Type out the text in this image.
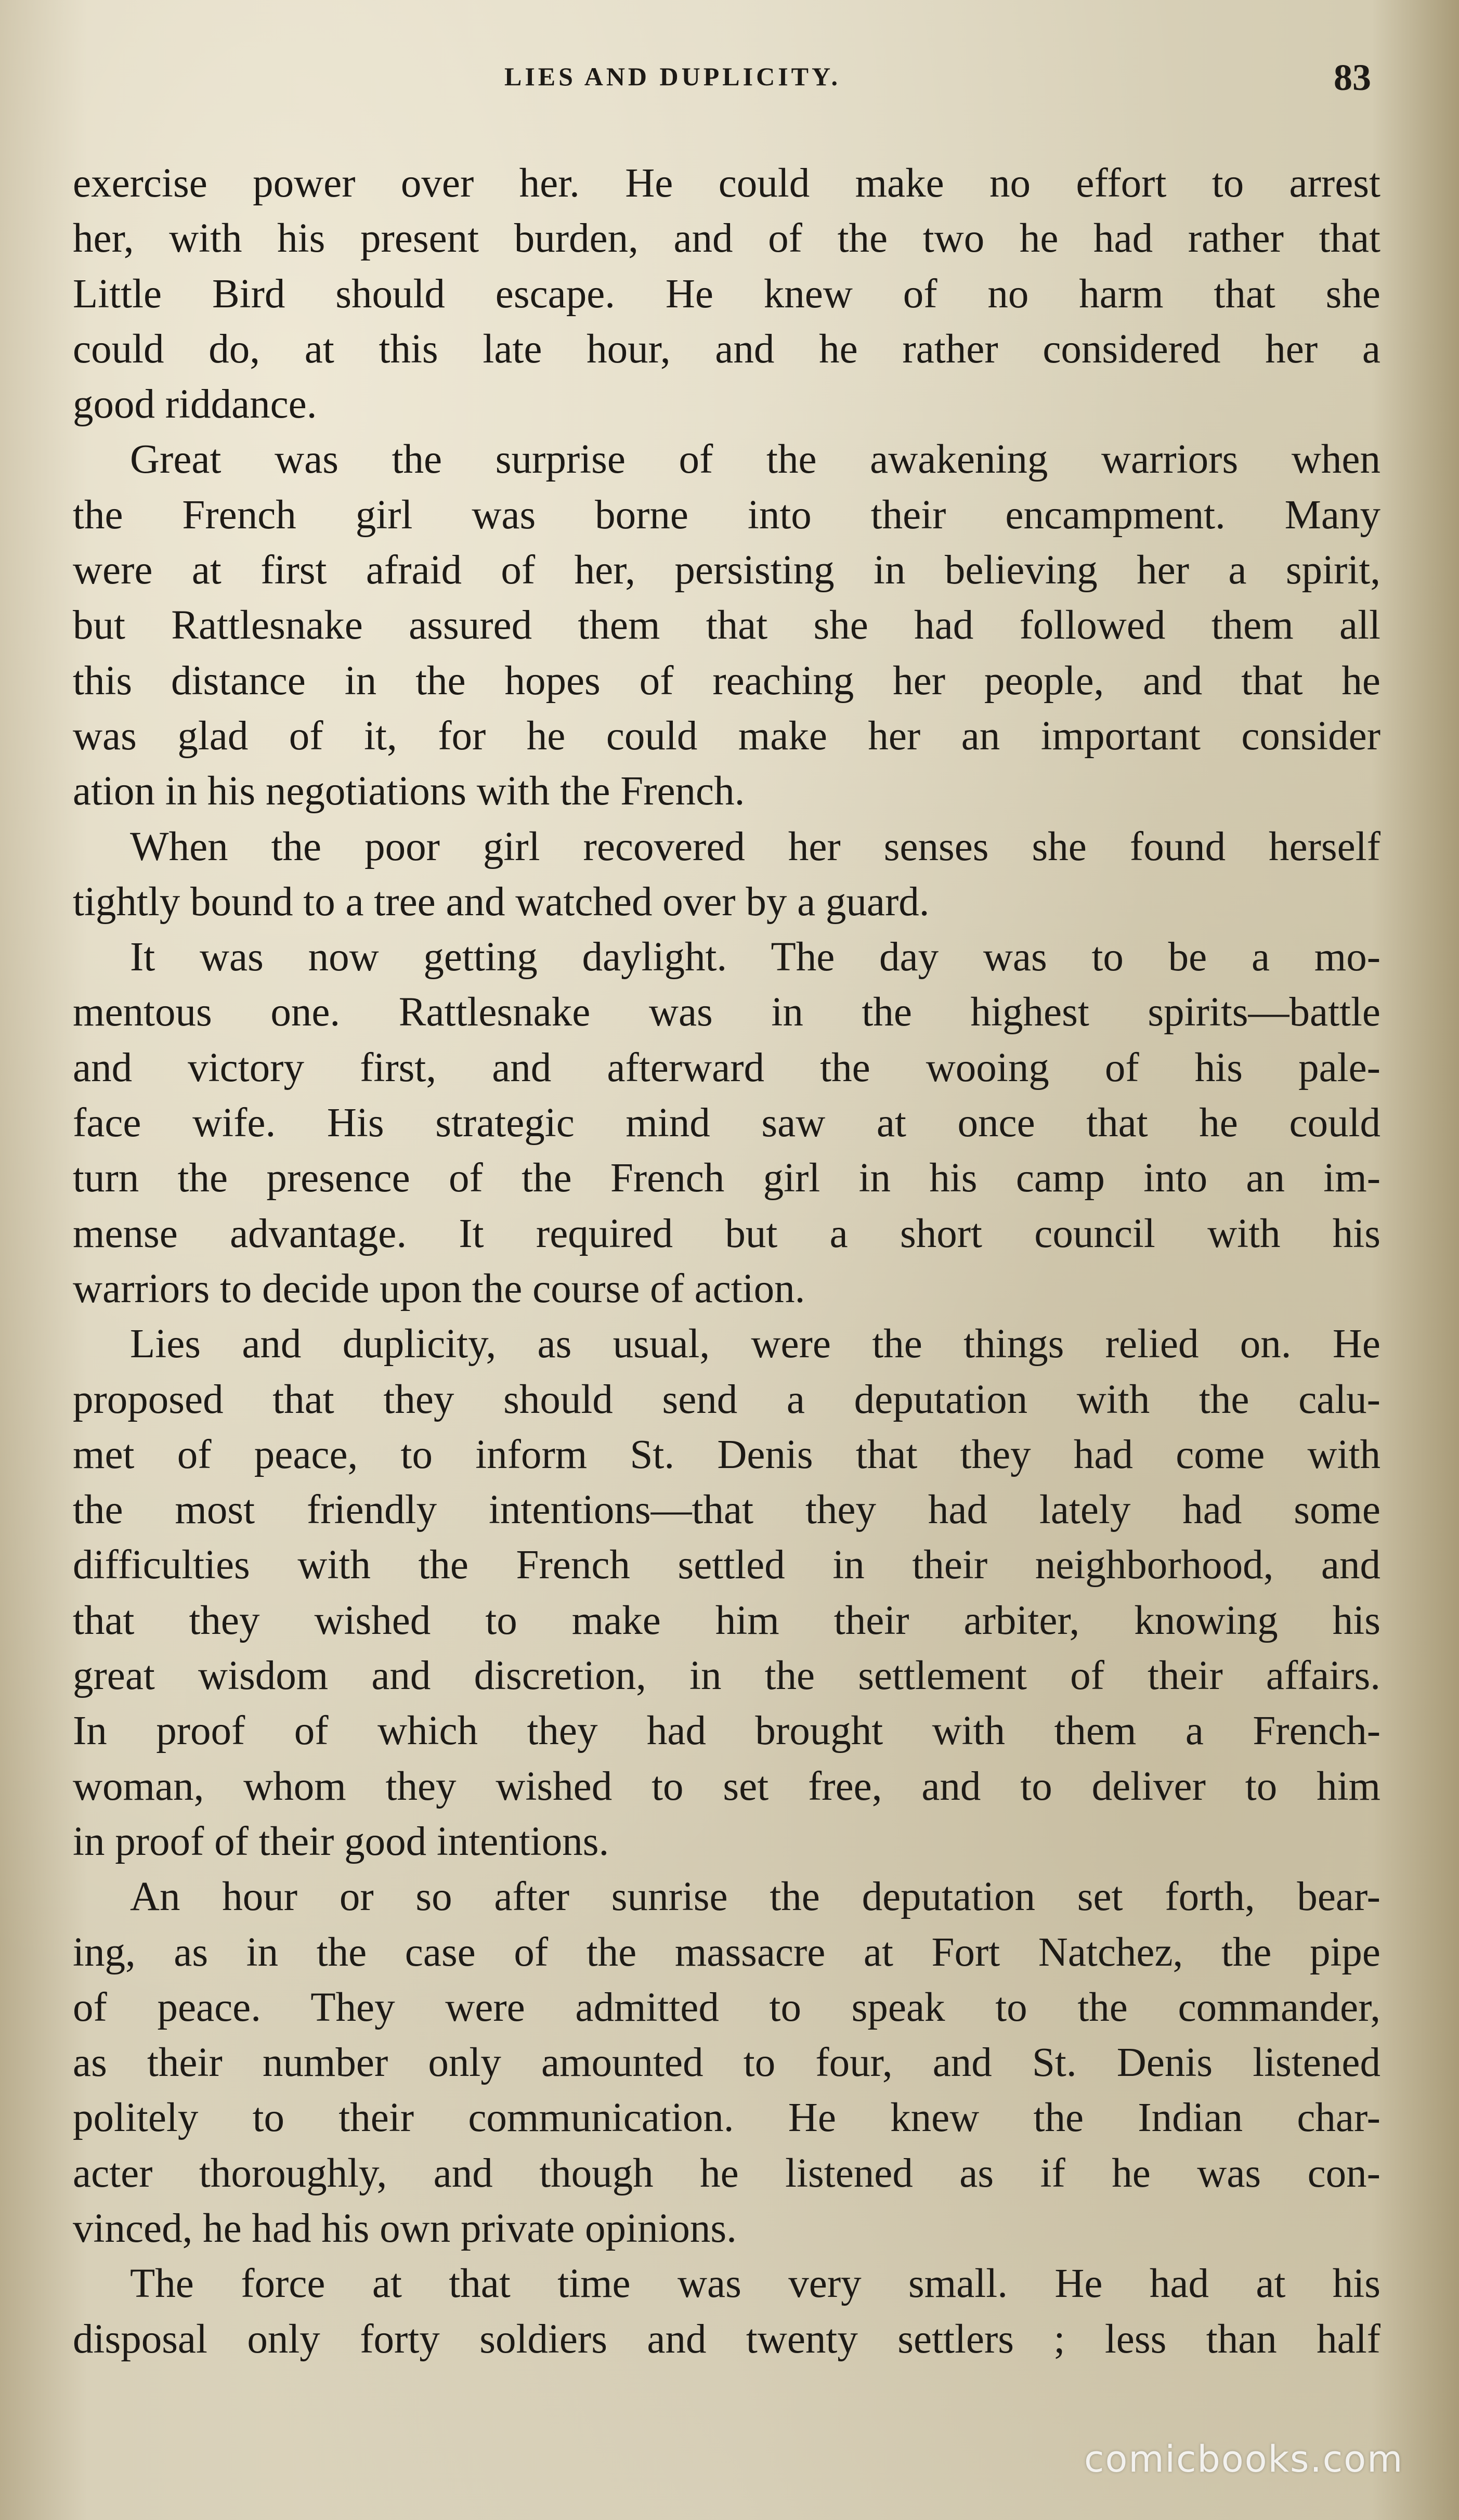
LIES AND DUPLICITY.	83
exercise power over her. He could make no effort to arrest
her, with his present burden, and of the two he had rather that
Little Bird should escape. He knew of no harm that she
could do, at this late hour, and he rather considered her a
good riddance.
Great was the surprise of the awakening warriors when
the French girl was borne into their encampment. Many
were at first afraid of her, persisting in believing her a spirit,
but Rattlesnake assured them that she had followed them all
this distance in the hopes of reaching her people, and that he
was glad of it, for he could make her an important consider
ation in his negotiations with the French.
When the poor girl recovered her senses she found herself
tightly bound to a tree and watched over by a guard.
It was now getting daylight. The day was to be a mo-
mentous one. Rattlesnake was in the highest spirits—battle
and victory first, and afterward the wooing of his pale-
face wife. His strategic mind saw at once that he could
turn the presence of the French girl in his camp into an im-
mense advantage. It required but a short council with his
warriors to decide upon the course of action.
Lies and duplicity, as usual, were the things relied on. He
proposed that they should send a deputation with the calu-
met of peace, to inform St. Denis that they had come with
the most friendly intentions—that they had lately had some
difficulties with the French settled in their neighborhood, and
that they wished to make him their arbiter, knowing his
great wisdom and discretion, in the settlement of their affairs.
In proof of which they had brought with them a French-
woman, whom they wished to set free, and to deliver to him
in proof of their good intentions.
An hour or so after sunrise the deputation set forth, bear-
ing, as in the case of the massacre at Fort Natchez, the pipe
of peace. They were admitted to speak to the commander,
as their number only amounted to four, and St. Denis listened
politely to their communication. He knew the Indian char-
acter thoroughly, and though he listened as if he was con-
vinced, he had his own private opinions.
The force at that time was very small. He had at his
disposal only forty soldiers and twenty settlers ; less than half
comicbooks.com
